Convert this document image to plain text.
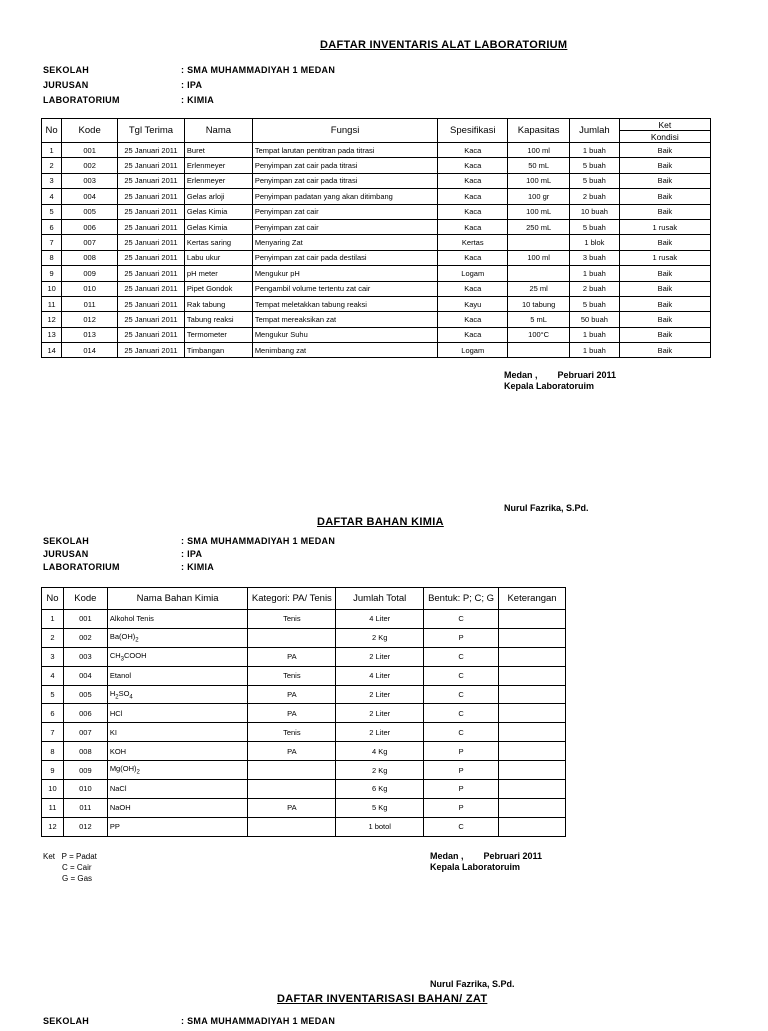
DAFTAR INVENTARIS ALAT LABORATORIUM
SEKOLAH	: SMA MUHAMMADIYAH 1 MEDAN
JURUSAN	: IPA
LABORATORIUM	: KIMIA
No	Kode	Tgl Terima	Nama	Fungsi	Spesifikasi	Kapasitas	Jumlah	Ket
								Kondisi
1	001	25 Januari 2011	Buret	Tempat larutan pentitran pada titrasi	Kaca	100 ml	1 buah	Baik
2	002	25 Januari 2011	Erlenmeyer	Penyimpan zat cair pada titrasi	Kaca	50 mL	5 buah	Baik
3	003	25 Januari 2011	Erlenmeyer	Penyimpan zat cair pada titrasi	Kaca	100 mL	5 buah	Baik
4	004	25 Januari 2011	Gelas arloji	Penyimpan padatan yang akan ditimbang	Kaca	100 gr	2 buah	Baik
5	005	25 Januari 2011	Gelas Kimia	Penyimpan zat cair	Kaca	100 mL	10 buah	Baik
6	006	25 Januari 2011	Gelas Kimia	Penyimpan zat cair	Kaca	250 mL	5 buah	1 rusak
7	007	25 Januari 2011	Kertas saring	Menyaring Zat	Kertas		1 blok	Baik
8	008	25 Januari 2011	Labu ukur	Penyimpan zat cair pada destilasi	Kaca	100 ml	3 buah	1 rusak
9	009	25 Januari 2011	pH meter	Mengukur pH	Logam		1 buah	Baik
10	010	25 Januari 2011	Pipet Gondok	Pengambil volume tertentu zat cair	Kaca	25 ml	2 buah	Baik
11	011	25 Januari 2011	Rak tabung	Tempat meletakkan tabung reaksi	Kayu	10 tabung	5 buah	Baik
12	012	25 Januari 2011	Tabung reaksi	Tempat mereaksikan zat	Kaca	5 mL	50 buah	Baik
13	013	25 Januari 2011	Termometer	Mengukur Suhu	Kaca	100°C	1 buah	Baik
14	014	25 Januari 2011	Timbangan	Menimbang zat	Logam		1 buah	Baik
Medan ,        Pebruari 2011
Kepala Laboratoruim
Nurul Fazrika, S.Pd.
DAFTAR BAHAN KIMIA
SEKOLAH	: SMA MUHAMMADIYAH 1 MEDAN
JURUSAN	: IPA
LABORATORIUM	: KIMIA
No	Kode	Nama Bahan Kimia	Kategori: PA/ Tenis	Jumlah Total	Bentuk: P; C; G	Keterangan
1	001	Alkohol Tenis	Tenis	4 Liter	C	
2	002	$Ba(OH)_2$		2 Kg	P	
3	003	$CH_3COOH$	PA	2 Liter	C	
4	004	Etanol	Tenis	4 Liter	C	
5	005	$H_2SO_4$	PA	2 Liter	C	
6	006	HCl	PA	2 Liter	C	
7	007	KI	Tenis	2 Liter	C	
8	008	KOH	PA	4 Kg	P	
9	009	$Mg(OH)_2$		2 Kg	P	
10	010	NaCl		6 Kg	P	
11	011	NaOH	PA	5 Kg	P	
12	012	PP		1 botol	C	
Ket   P = Padat
C = Cair
G = Gas
Medan ,        Pebruari 2011
Kepala Laboratoruim
Nurul Fazrika, S.Pd.
DAFTAR INVENTARISASI BAHAN/ ZAT
SEKOLAH	: SMA MUHAMMADIYAH 1 MEDAN
